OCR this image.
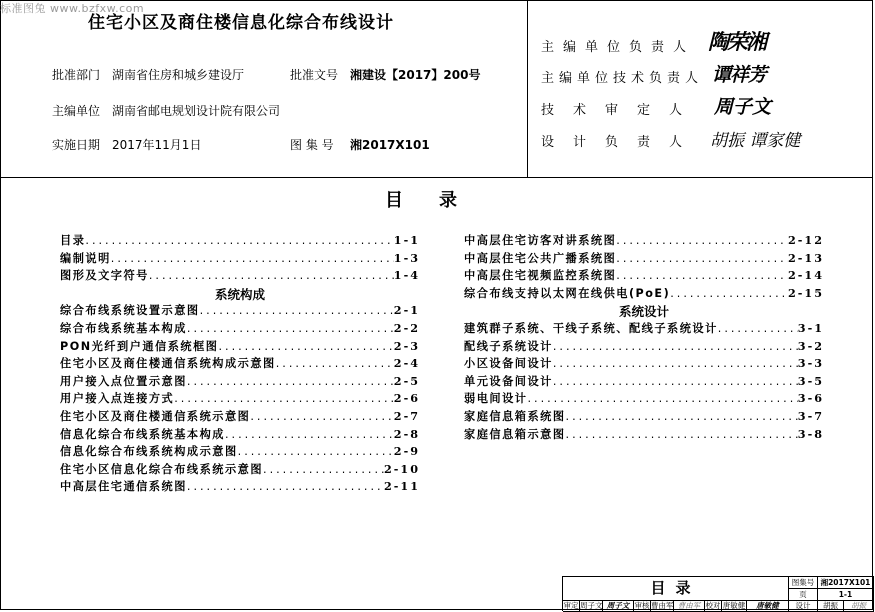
标准图兔 www.bzfxw.com
住宅小区及商住楼信息化综合布线设计
批准部门 湖南省住房和城乡建设厅	批准文号 湘建设【2017】200号
主编单位 湖南省邮电规划设计院有限公司
实施日期 2017年11月1日	图 集 号 湘2017X101
主编单位负责人 陶荣湘
主编单位技术负责人 谭祥芳
技术审定人 周子文
设计负责人 胡振 谭家健
目录
目录 .....	1-1
编制说明 .....	1-3
图形及文字符号 .....	1-4
系统构成
综合布线系统设置示意图 .....	2-1
综合布线系统基本构成 .....	2-2
PON光纤到户通信系统框图 .....	2-3
住宅小区及商住楼通信系统构成示意图 .....	2-4
用户接入点位置示意图 .....	2-5
用户接入点连接方式 .....	2-6
住宅小区及商住楼通信系统示意图 .....	2-7
信息化综合布线系统基本构成 .....	2-8
信息化综合布线系统构成示意图 .....	2-9
住宅小区信息化综合布线系统示意图 .....	2-10
中高层住宅通信系统图 .....	2-11
中高层住宅访客对讲系统图 .....	2-12
中高层住宅公共广播系统图 .....	2-13
中高层住宅视频监控系统图 .....	2-14
综合布线支持以太网在线供电(PoE) .....	2-15
系统设计
建筑群子系统、干线子系统、配线子系统设计 .....	3-1
配线子系统设计 .....	3-2
小区设备间设计 .....	3-3
单元设备间设计 .....	3-5
弱电间设计 .....	3-6
家庭信息箱系统图 .....	3-7
家庭信息箱示意图 .....	3-8
目录	图集号 湘2017X101
页	1-1
审定 周子文 周子文 审核 曹由军 曹由军 校对 唐敏健	唐敏健	设计	胡振	胡振
